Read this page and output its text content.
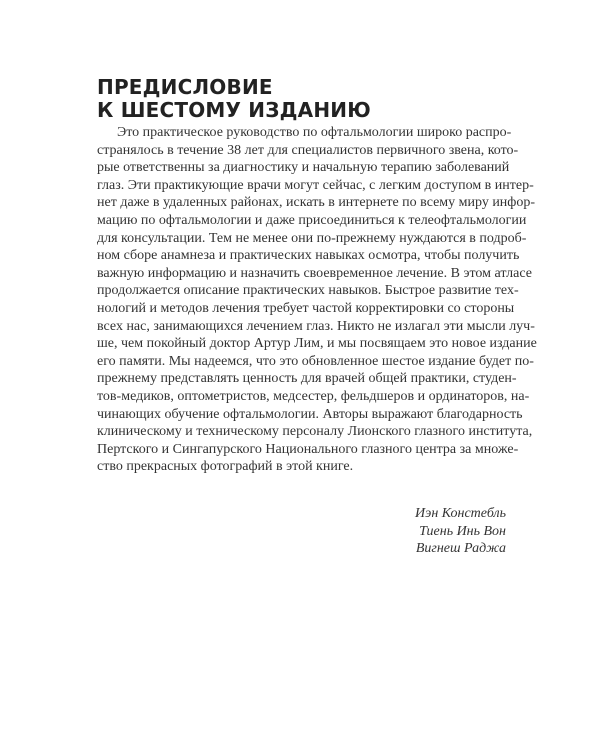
ПРЕДИСЛОВИЕ
К ШЕСТОМУ ИЗДАНИЮ
Это практическое руководство по офтальмологии широко распро-
странялось в течение 38 лет для специалистов первичного звена, кото-
рые ответственны за диагностику и начальную терапию заболеваний
глаз. Эти практикующие врачи могут сейчас, с легким доступом в интер-
нет даже в удаленных районах, искать в интернете по всему миру инфор-
мацию по офтальмологии и даже присоединиться к телеофтальмологии
для консультации. Тем не менее они по-прежнему нуждаются в подроб-
ном сборе анамнеза и практических навыках осмотра, чтобы получить
важную информацию и назначить своевременное лечение. В этом атласе
продолжается описание практических навыков. Быстрое развитие тех-
нологий и методов лечения требует частой корректировки со стороны
всех нас, занимающихся лечением глаз. Никто не излагал эти мысли луч-
ше, чем покойный доктор Артур Лим, и мы посвящаем это новое издание
его памяти. Мы надеемся, что это обновленное шестое издание будет по-
прежнему представлять ценность для врачей общей практики, студен-
тов-медиков, оптометристов, медсестер, фельдшеров и ординаторов, на-
чинающих обучение офтальмологии. Авторы выражают благодарность
клиническому и техническому персоналу Лионского глазного института,
Пертского и Сингапурского Национального глазного центра за множе-
ство прекрасных фотографий в этой книге.
Иэн Констебль
Тиень Инь Вон
Вигнеш Раджа
